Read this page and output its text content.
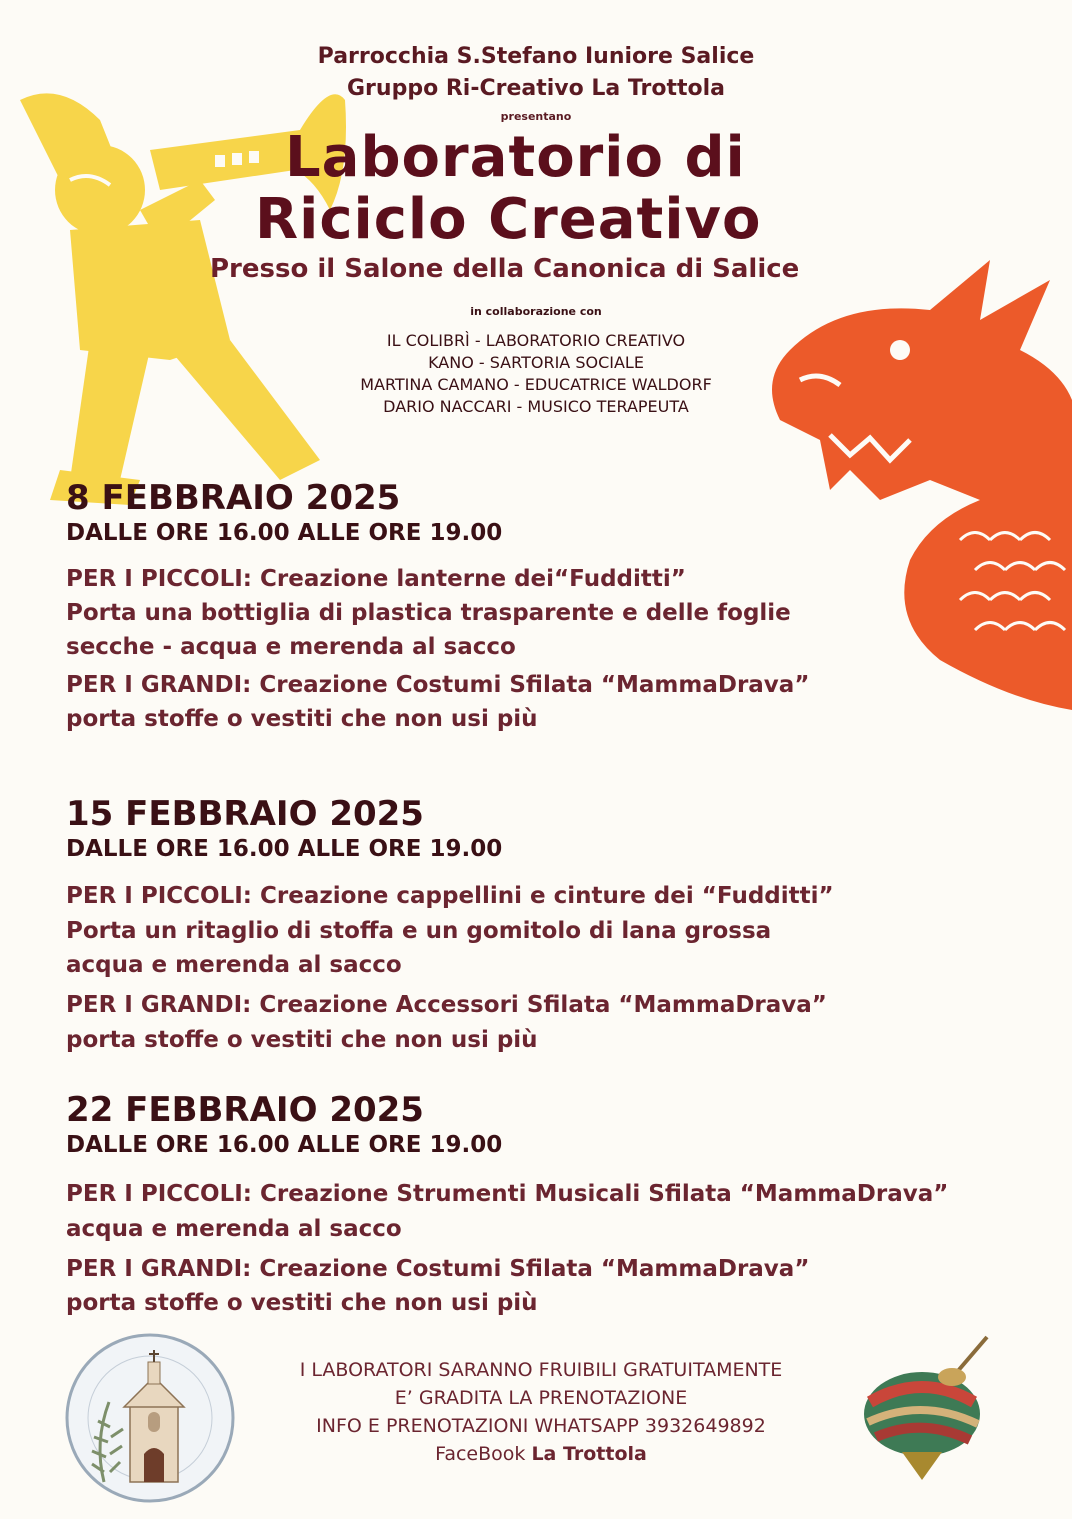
Parrocchia S.Stefano Iuniore Salice
Gruppo Ri-Creativo La Trottola
presentano
Laboratorio di
Riciclo Creativo
Presso il Salone della Canonica di Salice
in collaborazione con
IL COLIBRÌ - LABORATORIO CREATIVO
KANO - SARTORIA SOCIALE
MARTINA CAMANO - EDUCATRICE WALDORF
DARIO NACCARI - MUSICO TERAPEUTA
8 FEBBRAIO 2025
DALLE ORE 16.00 ALLE ORE 19.00
PER I PICCOLI: Creazione lanterne dei“Fudditti”
Porta una bottiglia di plastica trasparente e delle foglie
secche - acqua e merenda al sacco
PER I GRANDI: Creazione Costumi Sfilata “MammaDrava”
porta stoffe o vestiti che non usi più
15 FEBBRAIO 2025
DALLE ORE 16.00 ALLE ORE 19.00
PER I PICCOLI: Creazione cappellini e cinture dei “Fudditti”
Porta un ritaglio di stoffa e un gomitolo di lana grossa
acqua e merenda al sacco
PER I GRANDI: Creazione Accessori Sfilata “MammaDrava”
porta stoffe o vestiti che non usi più
22 FEBBRAIO 2025
DALLE ORE 16.00 ALLE ORE 19.00
PER I PICCOLI: Creazione Strumenti Musicali Sfilata “MammaDrava”
acqua e merenda al sacco
PER I GRANDI: Creazione Costumi Sfilata “MammaDrava”
porta stoffe o vestiti che non usi più
I LABORATORI SARANNO FRUIBILI GRATUITAMENTE
E’ GRADITA LA PRENOTAZIONE
INFO E PRENOTAZIONI WHATSAPP 3932649892
FaceBook La Trottola
